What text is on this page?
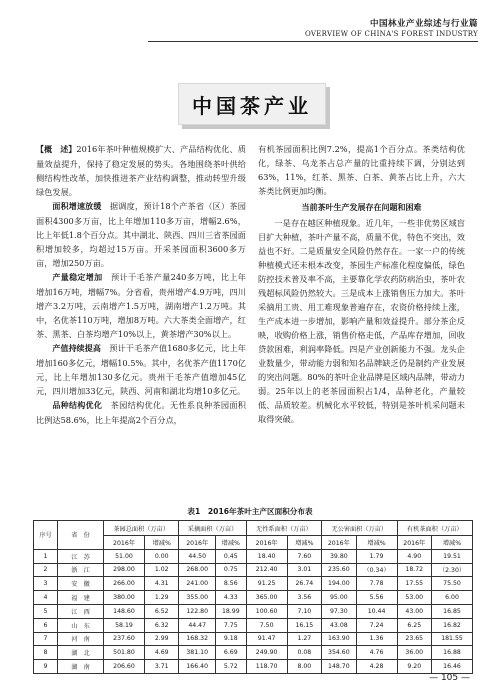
中国林业产业综述与行业篇
OVERVIEW OF CHINA'S FOREST INDUSTRY
中国茶产业

【概　述】2016年茶叶种植规模扩大、产品结构优化、质量效益提升，保持了稳定发展的势头。各地围绕茶叶供给侧结构性改革，加快推进茶产业结构调整，推动转型升级绿色发展。

面积增速放缓　 据调度，预计18个产茶省（区）茶园面积4300多万亩，比上年增加110多万亩，增幅2.6%，比上年低1.8个百分点。其中湖北、陕西、四川三省茶园面积增加较多，均超过15万亩。开采茶园面积3600多万亩，增加250万亩。

产量稳定增加　 预计干毛茶产量240多万吨，比上年增加16万吨，增幅7%。分省看，贵州增产4.9万吨，四川增产3.2万吨，云南增产1.5万吨，湖南增产1.2万吨。其中，名优茶110万吨，增加8万吨。六大茶类全面增产，红茶、黑茶、白茶均增产10%以上，黄茶增产30%以上。

产值持续提高　 预计干毛茶产值1680多亿元，比上年增加160多亿元，增幅10.5%。其中，名优茶产值1170亿元，比上年增加130多亿元。贵州干毛茶产值增加45亿元，四川增加33亿元，陕西、河南和湖北均增10多亿元。

品种结构优化　 茶园结构优化。无性系良种茶园面积比例达58.6%，比上年提高2个百分点，

有机茶园面积比例7.2%，提高1个百分点。茶类结构优化，绿茶、乌龙茶占总产量的比重持续下调，分别达到63%，11%，红茶、黑茶、白茶、黄茶占比上升，六大茶类比例更加均衡。

当前茶叶生产发展存在问题和困难

一是存在越区种植现象。近几年，一些非优势区域盲目扩大种植，茶叶产量不高，质量不优，特色不突出，效益也不好。二是质量安全风险仍然存在。一家一户的传统种植模式还未根本改变，茶园生产标准化程度偏低，绿色防控技术普及率不高，主要靠化学农药防病治虫，茶叶农残超标风险仍然较大。三是成本上涨销售压力加大。茶叶采摘用工贵、用工难现象普遍存在，农资价格持续上涨，生产成本进一步增加，影响产量和效益提升。部分茶企反映，收购价格上涨，销售价格走低，产品库存增加，回收贷款困难，利润率降低。四是产业创新能力不强。龙头企业数量少，带动能力弱和知名品牌缺乏仍是制约产业发展的突出问题。80%的茶叶企业品牌是区域内品牌，带动力弱。25年以上的老茶园面积占1/4，品种老化，产量较低、品质较差。机械化水平较低，特别是茶叶机采问题未取得突破。

表1　2016年茶叶主产区面积分布表
序号	省　份	茶园总面积（万亩）		采摘面积（万亩）		无性系面积（万亩）		无公害面积（万亩）		有机茶面积（万亩）	
		2016年	增减%	2016年	增减%	2016年	增减%	2016年	增减%	2016年	增减%
1	江　苏	51.00	0.00	44.50	0.45	18.40	7.60	39.80	1.79	4.90	19.51
2	浙　江	298.00	1.02	268.00	0.75	212.40	3.01	235.60	（0.34）	18.72	（2.30）
3	安　徽	266.00	4.31	241.00	8.56	91.25	26.74	194.00	7.78	17.55	75.50
4	福　建	380.00	1.29	355.00	4.33	365.00	3.56	95.00	5.56	53.00	6.00
5	江　西	148.60	6.52	122.80	18.99	100.60	7.10	97.30	10.44	43.00	16.85
6	山　东	58.19	6.32	44.47	7.75	7.50	16.15	43.08	7.24	6.25	16.82
7	河　南	237.60	2.99	168.32	9.18	91.47	1.27	163.90	1.36	23.65	181.55
8	湖　北	501.80	4.69	381.10	6.69	249.90	0.08	354.60	4.76	36.00	16.88
9	湖　南	206.60	3.71	166.40	5.72	118.70	8.00	148.70	4.28	9.20	16.46
— 105 —
